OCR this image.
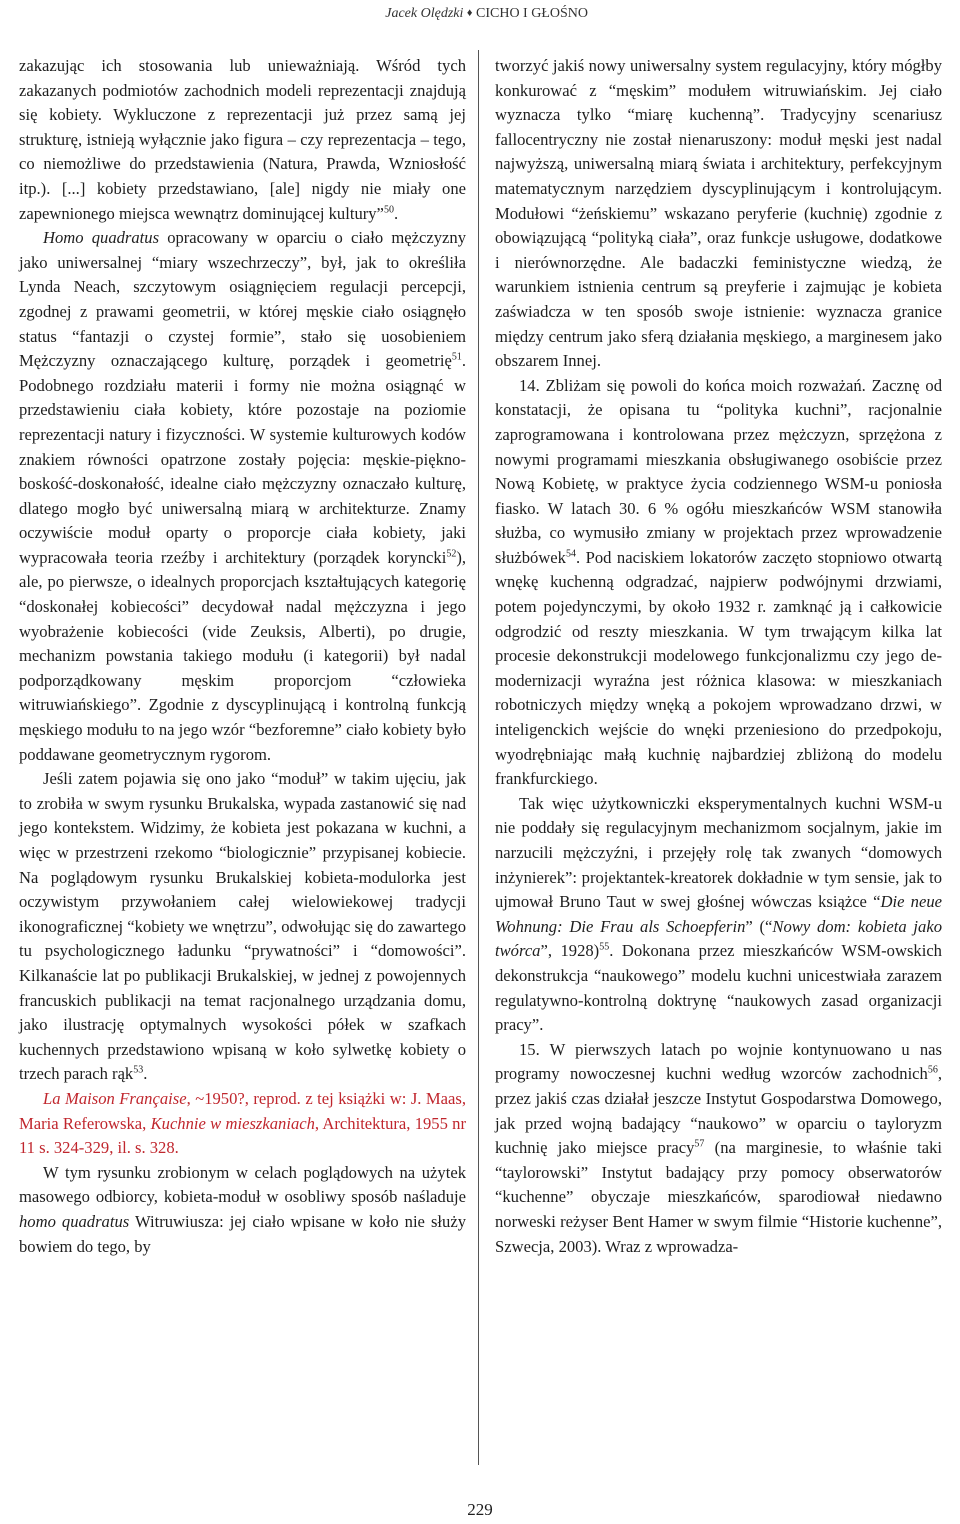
Jacek Olędzki ♦ CICHO I GŁOŚNO

zakazując ich stosowania lub unieważniają. Wśród tych zakazanych podmiotów zachodnich modeli reprezentacji znajdują się kobiety. Wykluczone z reprezentacji już przez samą jej strukturę, istnieją wyłącznie jako figura – czy reprezentacja – tego, co niemożliwe do przedstawienia (Natura, Prawda, Wzniosłość itp.). [...] kobiety przedstawiano, [ale] nigdy nie miały one zapewnionego miejsca wewnątrz dominującej kultury”$^{50}$.

Homo quadratus opracowany w oparciu o ciało mężczyzny jako uniwersalnej “miary wszechrzeczy”, był, jak to określiła Lynda Neach, szczytowym osiągnięciem regulacji percepcji, zgodnej z prawami geometrii, w której męskie ciało osiągnęło status “fantazji o czystej formie”, stało się uosobieniem Mężczyzny oznaczającego kulturę, porządek i geometrię$^{51}$. Podobnego rozdziału materii i formy nie można osiągnąć w przedstawieniu ciała kobiety, które pozostaje na poziomie reprezentacji natury i fizyczności. W systemie kulturowych kodów znakiem równości opatrzone zostały pojęcia: męskie-piękno-boskość-doskonałość, idealne ciało mężczyzny oznaczało kulturę, dlatego mogło być uniwersalną miarą w architekturze. Znamy oczywiście moduł oparty o proporcje ciała kobiety, jaki wypracowała teoria rzeźby i architektury (porządek koryncki$^{52}$), ale, po pierwsze, o idealnych proporcjach kształtujących kategorię “doskonałej kobiecości” decydował nadal mężczyzna i jego wyobrażenie kobiecości (vide Zeuksis, Alberti), po drugie, mechanizm powstania takiego modułu (i kategorii) był nadal podporządkowany męskim proporcjom “człowieka witruwiańskiego”. Zgodnie z dyscyplinującą i kontrolną funkcją męskiego modułu to na jego wzór “bezforemne” ciało kobiety było poddawane geometrycznym rygorom.

Jeśli zatem pojawia się ono jako “moduł” w takim ujęciu, jak to zrobiła w swym rysunku Brukalska, wypada zastanowić się nad jego kontekstem. Widzimy, że kobieta jest pokazana w kuchni, a więc w przestrzeni rzekomo “biologicznie” przypisanej kobiecie. Na poglądowym rysunku Brukalskiej kobieta-modulorka jest oczywistym przywołaniem całej wielowiekowej tradycji ikonograficznej “kobiety we wnętrzu”, odwołując się do zawartego tu psychologicznego ładunku “prywatności” i “domowości”. Kilkanaście lat po publikacji Brukalskiej, w jednej z powojennych francuskich publikacji na temat racjonalnego urządzania domu, jako ilustrację optymalnych wysokości półek w szafkach kuchennych przedstawiono wpisaną w koło sylwetkę kobiety o trzech parach rąk$^{53}$.

La Maison Française, ~1950?, reprod. z tej książki w: J. Maas, Maria Referowska, Kuchnie w mieszkaniach, Architektura, 1955 nr 11 s. 324-329, il. s. 328.

W tym rysunku zrobionym w celach poglądowych na użytek masowego odbiorcy, kobieta-moduł w osobliwy sposób naśladuje homo quadratus Witruwiusza: jej ciało wpisane w koło nie służy bowiem do tego, by

tworzyć jakiś nowy uniwersalny system regulacyjny, który mógłby konkurować z “męskim” modułem witruwiańskim. Jej ciało wyznacza tylko “miarę kuchenną”. Tradycyjny scenariusz fallocentryczny nie został nienaruszony: moduł męski jest nadal najwyższą, uniwersalną miarą świata i architektury, perfekcyjnym matematycznym narzędziem dyscyplinującym i kontrolującym. Modułowi “żeńskiemu” wskazano peryferie (kuchnię) zgodnie z obowiązującą “polityką ciała”, oraz funkcje usługowe, dodatkowe i nierównorzędne. Ale badaczki feministyczne wiedzą, że warunkiem istnienia centrum są preyferie i zajmując je kobieta zaświadcza w ten sposób swoje istnienie: wyznacza granice między centrum jako sferą działania męskiego, a marginesem jako obszarem Innej.

14. Zbliżam się powoli do końca moich rozważań. Zacznę od konstatacji, że opisana tu “polityka kuchni”, racjonalnie zaprogramowana i kontrolowana przez mężczyzn, sprzężona z nowymi programami mieszkania obsługiwanego osobiście przez Nową Kobietę, w praktyce życia codziennego WSM-u poniosła fiasko. W latach 30. 6 % ogółu mieszkańców WSM stanowiła służba, co wymusiło zmiany w projektach przez wprowadzenie służbówek$^{54}$. Pod naciskiem lokatorów zaczęto stopniowo otwartą wnękę kuchenną odgradzać, najpierw podwójnymi drzwiami, potem pojedynczymi, by około 1932 r. zamknąć ją i całkowicie odgrodzić od reszty mieszkania. W tym trwającym kilka lat procesie dekonstrukcji modelowego funkcjonalizmu czy jego de-modernizacji wyraźna jest różnica klasowa: w mieszkaniach robotniczych między wnęką a pokojem wprowadzano drzwi, w inteligenckich wejście do wnęki przeniesiono do przedpokoju, wyodrębniając małą kuchnię najbardziej zbliżoną do modelu frankfurckiego.

Tak więc użytkowniczki eksperymentalnych kuchni WSM-u nie poddały się regulacyjnym mechanizmom socjalnym, jakie im narzucili mężczyźni, i przejęły rolę tak zwanych “domowych inżynierek”: projektantek-kreatorek dokładnie w tym sensie, jak to ujmował Bruno Taut w swej głośnej wówczas książce “Die neue Wohnung: Die Frau als Schoepferin” (“Nowy dom: kobieta jako twórca”, 1928)$^{55}$. Dokonana przez mieszkańców WSM-owskich dekonstrukcja “naukowego” modelu kuchni unicestwiała zarazem regulatywno-kontrolną doktrynę “naukowych zasad organizacji pracy”.

15. W pierwszych latach po wojnie kontynuowano u nas programy nowoczesnej kuchni według wzorców zachodnich$^{56}$, przez jakiś czas działał jeszcze Instytut Gospodarstwa Domowego, jak przed wojną badający “naukowo” w oparciu o tayloryzm kuchnię jako miejsce pracy$^{57}$ (na marginesie, to właśnie taki “taylorowski” Instytut badający przy pomocy obserwatorów “kuchenne” obyczaje mieszkańców, sparodiował niedawno norweski reżyser Bent Hamer w swym filmie “Historie kuchenne”, Szwecja, 2003). Wraz z wprowadza-

229
